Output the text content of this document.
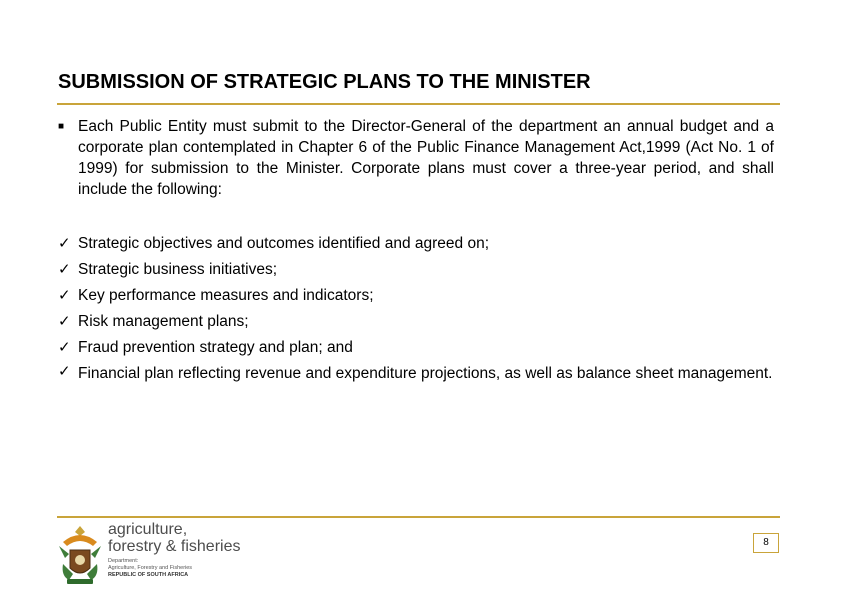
SUBMISSION OF STRATEGIC PLANS TO THE MINISTER
■ Each Public Entity must submit to the Director-General of the department an annual budget and a corporate plan contemplated in Chapter 6 of the Public Finance Management Act,1999 (Act No. 1 of 1999) for submission to the Minister. Corporate plans must cover a three-year period, and shall include the following:
✓ Strategic objectives and outcomes identified and agreed on;
✓ Strategic business initiatives;
✓ Key performance measures and indicators;
✓ Risk management plans;
✓ Fraud prevention strategy and plan; and
✓ Financial plan reflecting revenue and expenditure projections, as well as balance sheet management.
agriculture,
forestry & fisheries
Department:
Agriculture, Forestry and Fisheries
REPUBLIC OF SOUTH AFRICA
8
